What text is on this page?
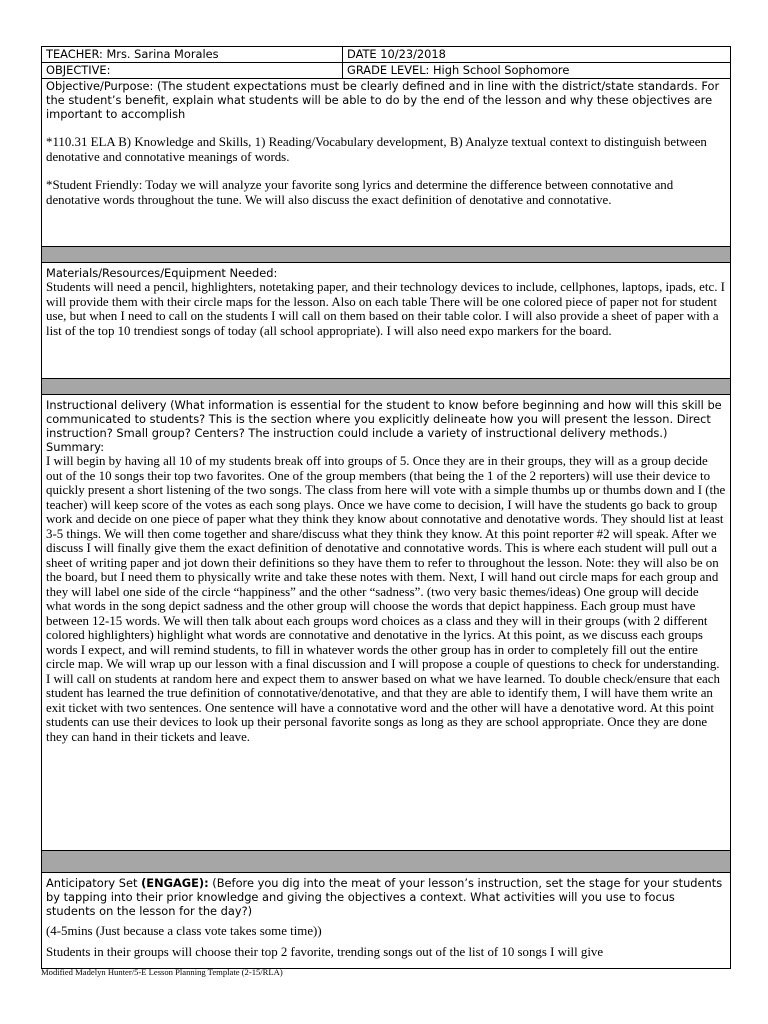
TEACHER: Mrs. Sarina Morales	DATE 10/23/2018
OBJECTIVE:	GRADE LEVEL: High School Sophomore

Objective/Purpose: (The student expectations must be clearly defined and in line with the district/state standards. For the student’s benefit, explain what students will be able to do by the end of the lesson and why these objectives are important to accomplish

*110.31 ELA B) Knowledge and Skills, 1) Reading/Vocabulary development, B) Analyze textual context to distinguish between denotative and connotative meanings of words.

*Student Friendly: Today we will analyze your favorite song lyrics and determine the difference between connotative and denotative words throughout the tune. We will also discuss the exact definition of denotative and connotative.	

Materials/Resources/Equipment Needed:

Students will need a pencil, highlighters, notetaking paper, and their technology devices to include, cellphones, laptops, ipads, etc. I will provide them with their circle maps for the lesson. Also on each table There will be one colored piece of paper not for student use, but when I need to call on the students I will call on them based on their table color. I will also provide a sheet of paper with a list of the top 10 trendiest songs of today (all school appropriate). I will also need expo markers for the board.	

Instructional delivery (What information is essential for the student to know before beginning and how will this skill be communicated to students? This is the section where you explicitly delineate how you will present the lesson. Direct instruction? Small group? Centers? The instruction could include a variety of instructional delivery methods.)

Summary:

I will begin by having all 10 of my students break off into groups of 5. Once they are in their groups, they will as a group decide out of the 10 songs their top two favorites. One of the group members (that being the 1 of the 2 reporters) will use their device to quickly present a short listening of the two songs. The class from here will vote with a simple thumbs up or thumbs down and I (the teacher) will keep score of the votes as each song plays. Once we have come to decision, I will have the students go back to group work and decide on one piece of paper what they think they know about connotative and denotative words. They should list at least 3-5 things. We will then come together and share/discuss what they think they know. At this point reporter #2 will speak. After we discuss I will finally give them the exact definition of denotative and connotative words. This is where each student will pull out a sheet of writing paper and jot down their definitions so they have them to refer to throughout the lesson. Note: they will also be on the board, but I need them to physically write and take these notes with them. Next, I will hand out circle maps for each group and they will label one side of the circle “happiness” and the other “sadness”. (two very basic themes/ideas) One group will decide what words in the song depict sadness and the other group will choose the words that depict happiness. Each group must have between 12-15 words. We will then talk about each groups word choices as a class and they will in their groups (with 2 different colored highlighters) highlight what words are connotative and denotative in the lyrics. At this point, as we discuss each groups words I expect, and will remind students, to fill in whatever words the other group has in order to completely fill out the entire circle map. We will wrap up our lesson with a final discussion and I will propose a couple of questions to check for understanding. I will call on students at random here and expect them to answer based on what we have learned. To double check/ensure that each student has learned the true definition of connotative/denotative, and that they are able to identify them, I will have them write an exit ticket with two sentences. One sentence will have a connotative word and the other will have a denotative word. At this point students can use their devices to look up their personal favorite songs as long as they are school appropriate. Once they are done they can hand in their tickets and leave.	

Anticipatory Set (ENGAGE): (Before you dig into the meat of your lesson’s instruction, set the stage for your students by tapping into their prior knowledge and giving the objectives a context. What activities will you use to focus students on the lesson for the day?)

(4-5mins (Just because a class vote takes some time))

Students in their groups will choose their top 2 favorite, trending songs out of the list of 10 songs I will give	

Modified Madelyn Hunter/5-E Lesson Planning Template (2-15/RLA)
